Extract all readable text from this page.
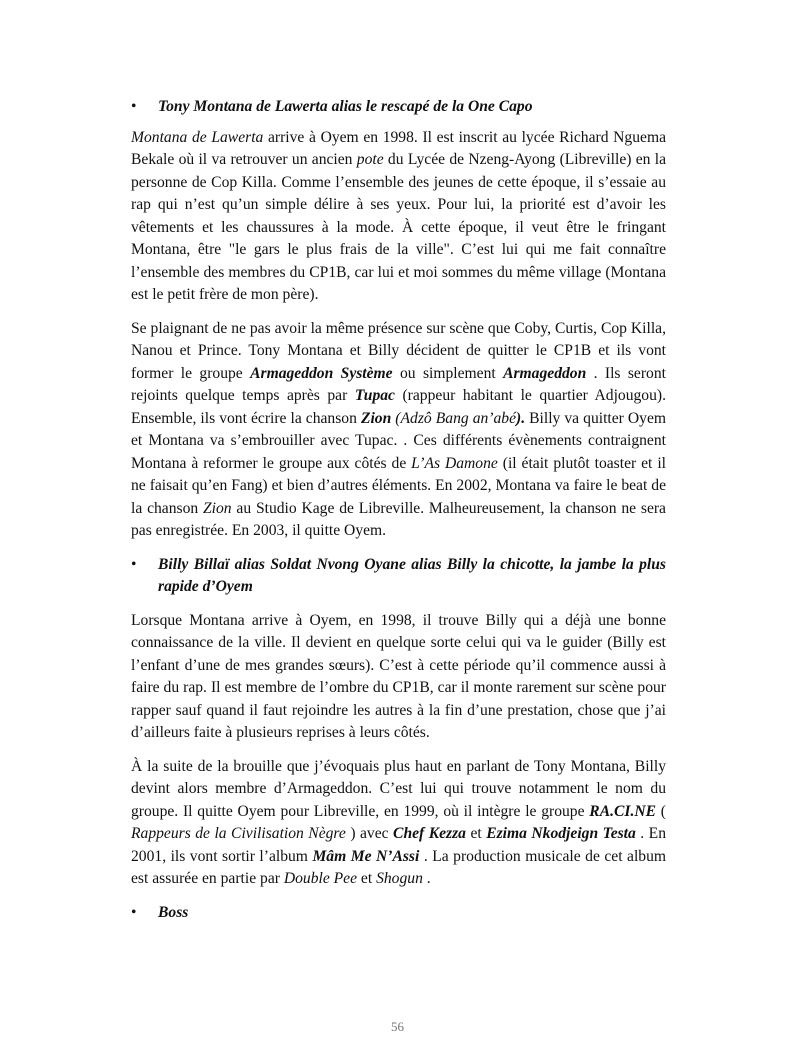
• Tony Montana de Lawerta alias le rescapé de la One Capo

Montana de Lawerta arrive à Oyem en 1998. Il est inscrit au lycée Richard Nguema Bekale où il va retrouver un ancien pote du Lycée de Nzeng-Ayong (Libreville) en la personne de Cop Killa. Comme l’ensemble des jeunes de cette époque, il s’essaie au rap qui n’est qu’un simple délire à ses yeux. Pour lui, la priorité est d’avoir les vêtements et les chaussures à la mode. À cette époque, il veut être le fringant Montana, être "le gars le plus frais de la ville". C’est lui qui me fait connaître l’ensemble des membres du CP1B, car lui et moi sommes du même village (Montana est le petit frère de mon père).

Se plaignant de ne pas avoir la même présence sur scène que Coby, Curtis, Cop Killa, Nanou et Prince. Tony Montana et Billy décident de quitter le CP1B et ils vont former le groupe Armageddon Système ou simplement Armageddon . Ils seront rejoints quelque temps après par Tupac (rappeur habitant le quartier Adjougou). Ensemble, ils vont écrire la chanson Zion (Adzô Bang an’abé). Billy va quitter Oyem et Montana va s’embrouiller avec Tupac. . Ces différents évènements contraignent Montana à reformer le groupe aux côtés de L’As Damone (il était plutôt toaster et il ne faisait qu’en Fang) et bien d’autres éléments. En 2002, Montana va faire le beat de la chanson Zion au Studio Kage de Libreville. Malheureusement, la chanson ne sera pas enregistrée. En 2003, il quitte Oyem.

• Billy Billaï alias Soldat Nvong Oyane alias Billy la chicotte, la jambe la plus rapide d’Oyem

Lorsque Montana arrive à Oyem, en 1998, il trouve Billy qui a déjà une bonne connaissance de la ville. Il devient en quelque sorte celui qui va le guider (Billy est l’enfant d’une de mes grandes sœurs). C’est à cette période qu’il commence aussi à faire du rap. Il est membre de l’ombre du CP1B, car il monte rarement sur scène pour rapper sauf quand il faut rejoindre les autres à la fin d’une prestation, chose que j’ai d’ailleurs faite à plusieurs reprises à leurs côtés.

À la suite de la brouille que j’évoquais plus haut en parlant de Tony Montana, Billy devint alors membre d’Armageddon. C’est lui qui trouve notamment le nom du groupe. Il quitte Oyem pour Libreville, en 1999, où il intègre le groupe RA.CI.NE ( Rappeurs de la Civilisation Nègre ) avec Chef Kezza et Ezima Nkodjeign Testa . En 2001, ils vont sortir l’album Mâm Me N’Assi . La production musicale de cet album est assurée en partie par Double Pee et Shogun .

• Boss
56
